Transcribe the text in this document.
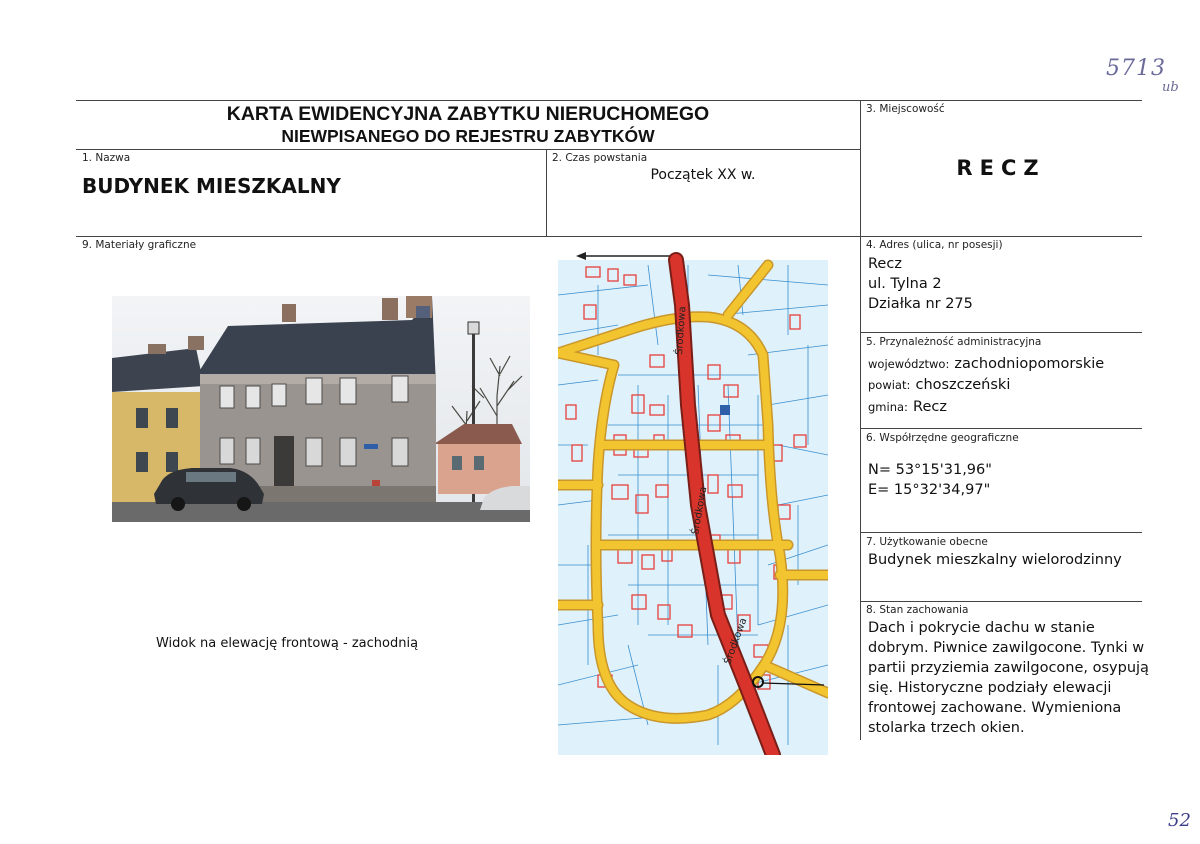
5713
ub
52
KARTA EWIDENCYJNA ZABYTKU NIERUCHOMEGO
NIEWPISANEGO DO REJESTRU ZABYTKÓW
1. Nazwa
BUDYNEK MIESZKALNY
2. Czas powstania
Początek XX w.
3. Miejscowość
RECZ
4. Adres (ulica, nr posesji)
Recz
ul. Tylna 2
Działka nr 275
5. Przynależność administracyjna
województwo: zachodniopomorskie
powiat: choszczeński
gmina: Recz
6. Współrzędne geograficzne
N= 53°15'31,96"
E= 15°32'34,97"
7. Użytkowanie obecne
Budynek mieszkalny wielorodzinny
8. Stan zachowania
Dach i pokrycie dachu w stanie
dobrym. Piwnice zawilgocone. Tynki w
partii przyziemia zawilgocone, osypują
się. Historyczne podziały elewacji
frontowej zachowane. Wymieniona
stolarka trzech okien.
9. Materiały graficzne
Widok na elewację frontową - zachodnią
Środkowa
Środkowa
Środkowa
